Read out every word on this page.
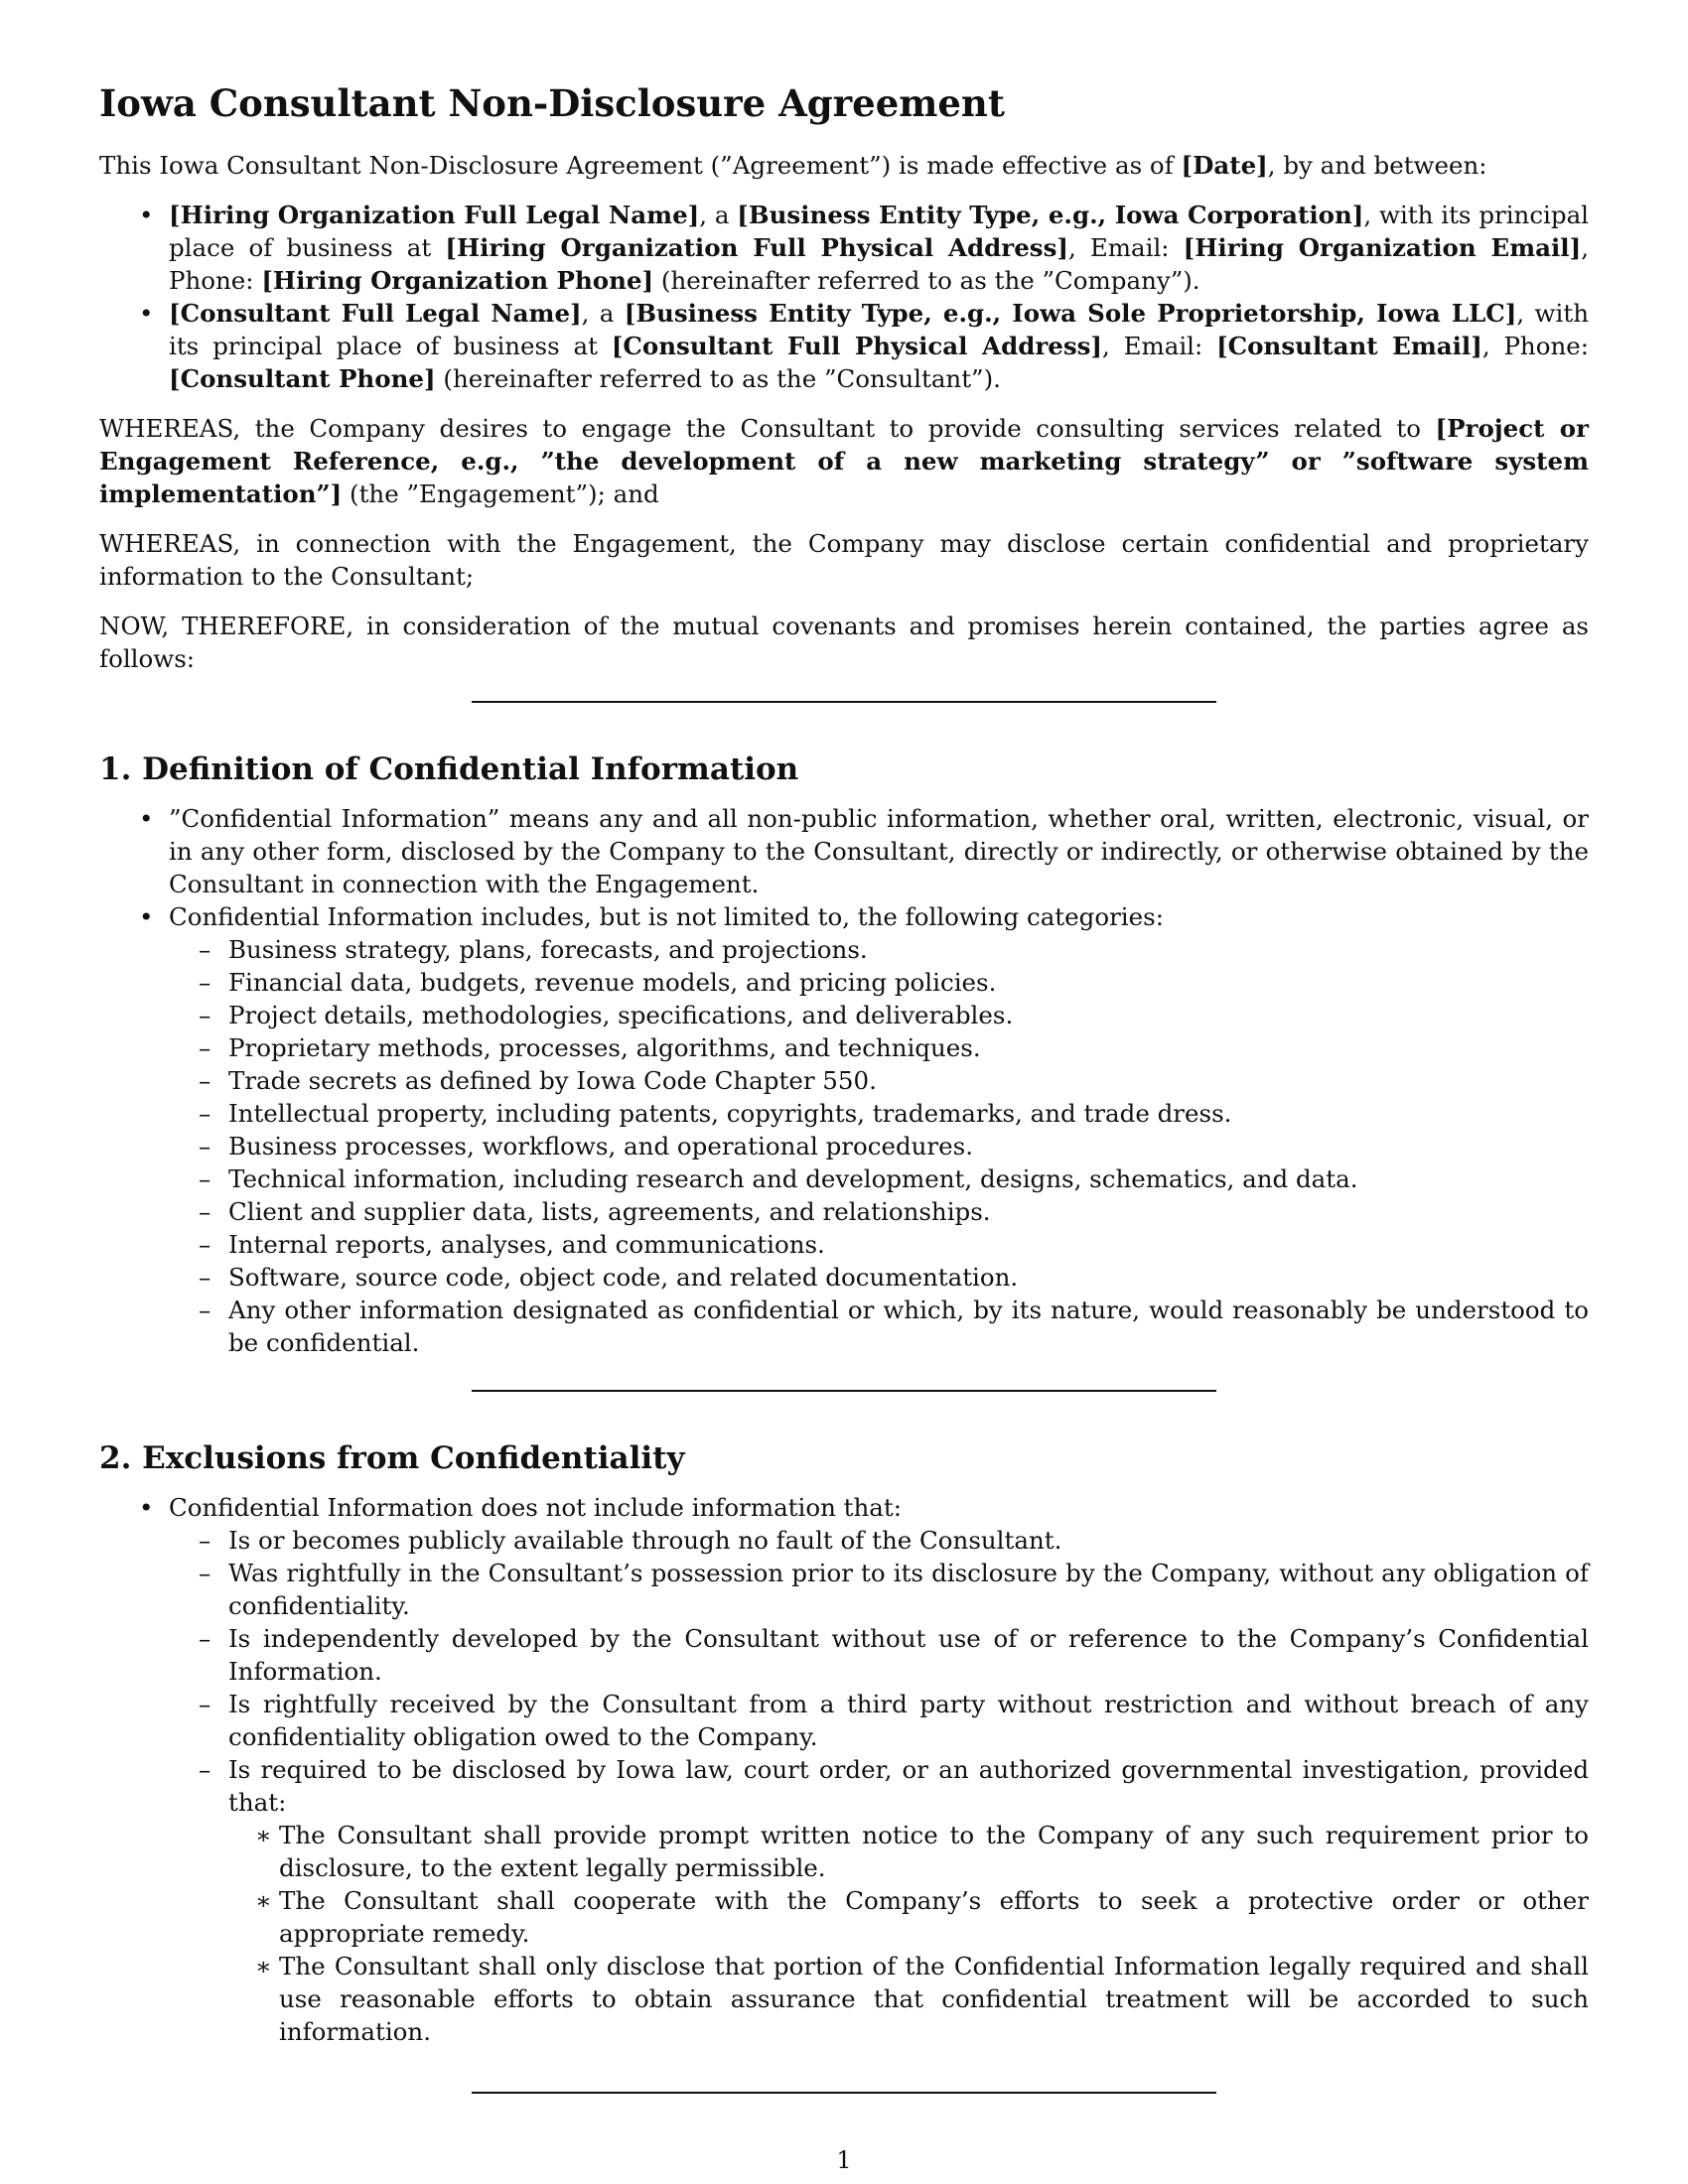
Iowa Consultant Non-Disclosure Agreement

This Iowa Consultant Non-Disclosure Agreement (”Agreement”) is made effective as of [Date], by and between:

• [Hiring Organization Full Legal Name], a [Business Entity Type, e.g., Iowa Corporation], with its principal place of business at [Hiring Organization Full Physical Address], Email: [Hiring Organization Email], Phone: [Hiring Organization Phone] (hereinafter referred to as the ”Company”).
• [Consultant Full Legal Name], a [Business Entity Type, e.g., Iowa Sole Proprietorship, Iowa LLC], with its principal place of business at [Consultant Full Physical Address], Email: [Consultant Email], Phone: [Consultant Phone] (hereinafter referred to as the ”Consultant”).

WHEREAS, the Company desires to engage the Consultant to provide consulting services related to [Project or Engagement Reference, e.g., ”the development of a new marketing strategy” or ”software system implementation”] (the ”Engagement”); and

WHEREAS, in connection with the Engagement, the Company may disclose certain confidential and proprietary information to the Consultant;

NOW, THEREFORE, in consideration of the mutual covenants and promises herein contained, the parties agree as follows:

1. Definition of Confidential Information
• ”Confidential Information” means any and all non-public information, whether oral, written, electronic, visual, or in any other form, disclosed by the Company to the Consultant, directly or indirectly, or otherwise obtained by the Consultant in connection with the Engagement.
• Confidential Information includes, but is not limited to, the following categories:
– Business strategy, plans, forecasts, and projections.
– Financial data, budgets, revenue models, and pricing policies.
– Project details, methodologies, specifications, and deliverables.
– Proprietary methods, processes, algorithms, and techniques.
– Trade secrets as defined by Iowa Code Chapter 550.
– Intellectual property, including patents, copyrights, trademarks, and trade dress.
– Business processes, workflows, and operational procedures.
– Technical information, including research and development, designs, schematics, and data.
– Client and supplier data, lists, agreements, and relationships.
– Internal reports, analyses, and communications.
– Software, source code, object code, and related documentation.
– Any other information designated as confidential or which, by its nature, would reasonably be understood to be confidential.
2. Exclusions from Confidentiality
• Confidential Information does not include information that:
– Is or becomes publicly available through no fault of the Consultant.
– Was rightfully in the Consultant’s possession prior to its disclosure by the Company, without any obligation of confidentiality.
– Is independently developed by the Consultant without use of or reference to the Company’s Confidential Information.
– Is rightfully received by the Consultant from a third party without restriction and without breach of any confidentiality obligation owed to the Company.
– Is required to be disclosed by Iowa law, court order, or an authorized governmental investigation, provided that:
∗ The Consultant shall provide prompt written notice to the Company of any such requirement prior to disclosure, to the extent legally permissible.
∗ The Consultant shall cooperate with the Company’s efforts to seek a protective order or other appropriate remedy.
∗ The Consultant shall only disclose that portion of the Confidential Information legally required and shall use reasonable efforts to obtain assurance that confidential treatment will be accorded to such information.
1
